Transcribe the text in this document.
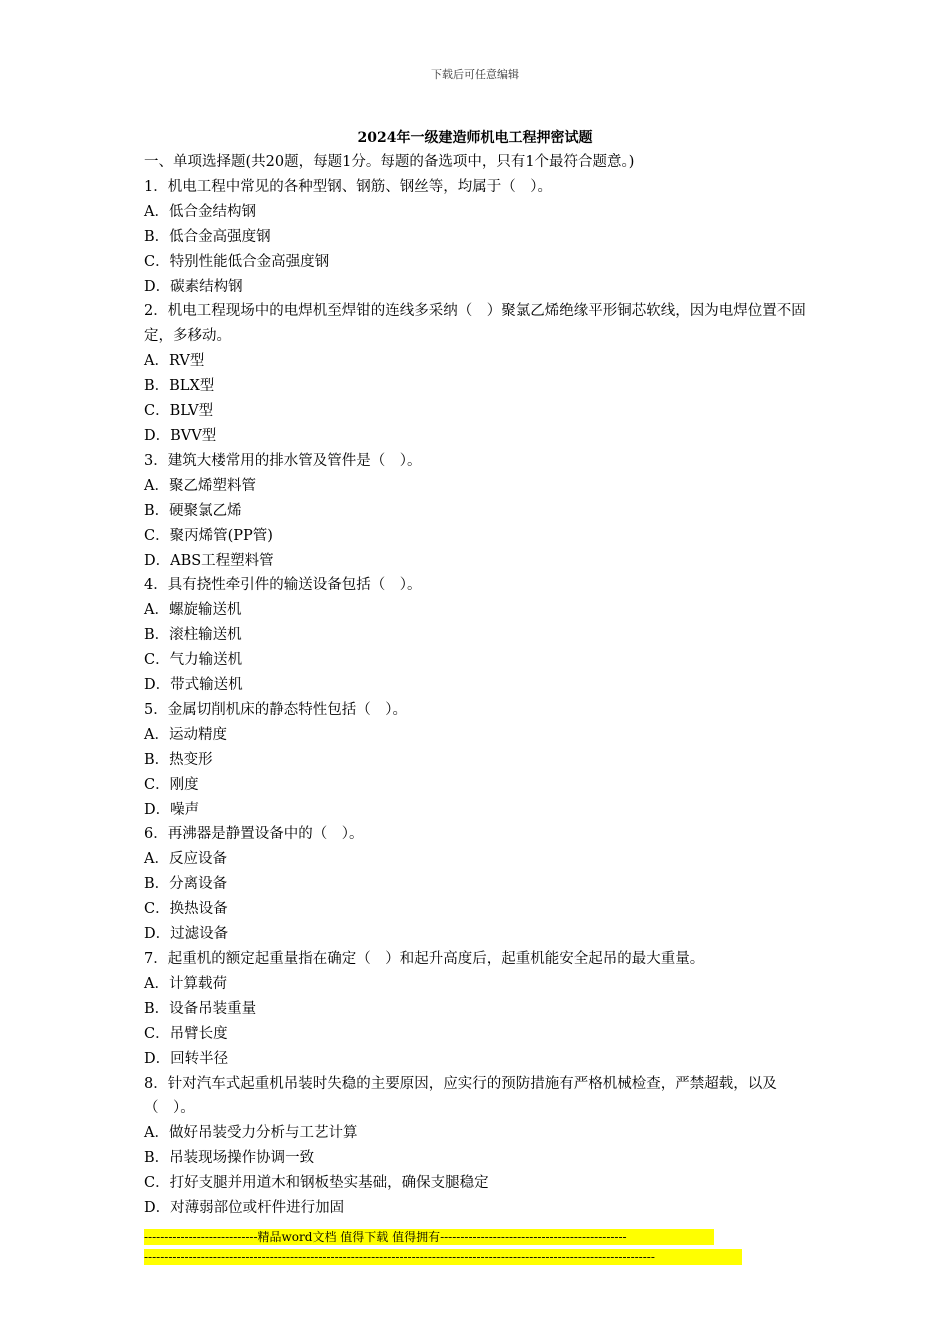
下载后可任意编辑
2024年一级建造师机电工程押密试题
一、单项选择题(共20题，每题1分。每题的备选项中，只有1个最符合题意。)
1．机电工程中常见的各种型钢、钢筋、钢丝等，均属于（　）。
A．低合金结构钢
B．低合金高强度钢
C．特别性能低合金高强度钢
D．碳素结构钢
2．机电工程现场中的电焊机至焊钳的连线多采纳（　）聚氯乙烯绝缘平形铜芯软线，因为电焊位置不固定，多移动。
A．RV型
B．BLX型
C．BLV型
D．BVV型
3．建筑大楼常用的排水管及管件是（　）。
A．聚乙烯塑料管
B．硬聚氯乙烯
C．聚丙烯管(PP管)
D．ABS工程塑料管
4．具有挠性牵引件的输送设备包括（　）。
A．螺旋输送机
B．滚柱输送机
C．气力输送机
D．带式输送机
5．金属切削机床的静态特性包括（　）。
A．运动精度
B．热变形
C．刚度
D．噪声
6．再沸器是静置设备中的（　）。
A．反应设备
B．分离设备
C．换热设备
D．过滤设备
7．起重机的额定起重量指在确定（　）和起升高度后，起重机能安全起吊的最大重量。
A．计算载荷
B．设备吊装重量
C．吊臂长度
D．回转半径
8．针对汽车式起重机吊装时失稳的主要原因，应实行的预防措施有严格机械检查，严禁超载，以及（　）。
A．做好吊装受力分析与工艺计算
B．吊装现场操作协调一致
C．打好支腿并用道木和钢板垫实基础，确保支腿稳定
D．对薄弱部位或杆件进行加固
----------------------------精品word文档 值得下载 值得拥有----------------------------------------------
------------------------------------------------------------------------------------------------------------------------------
